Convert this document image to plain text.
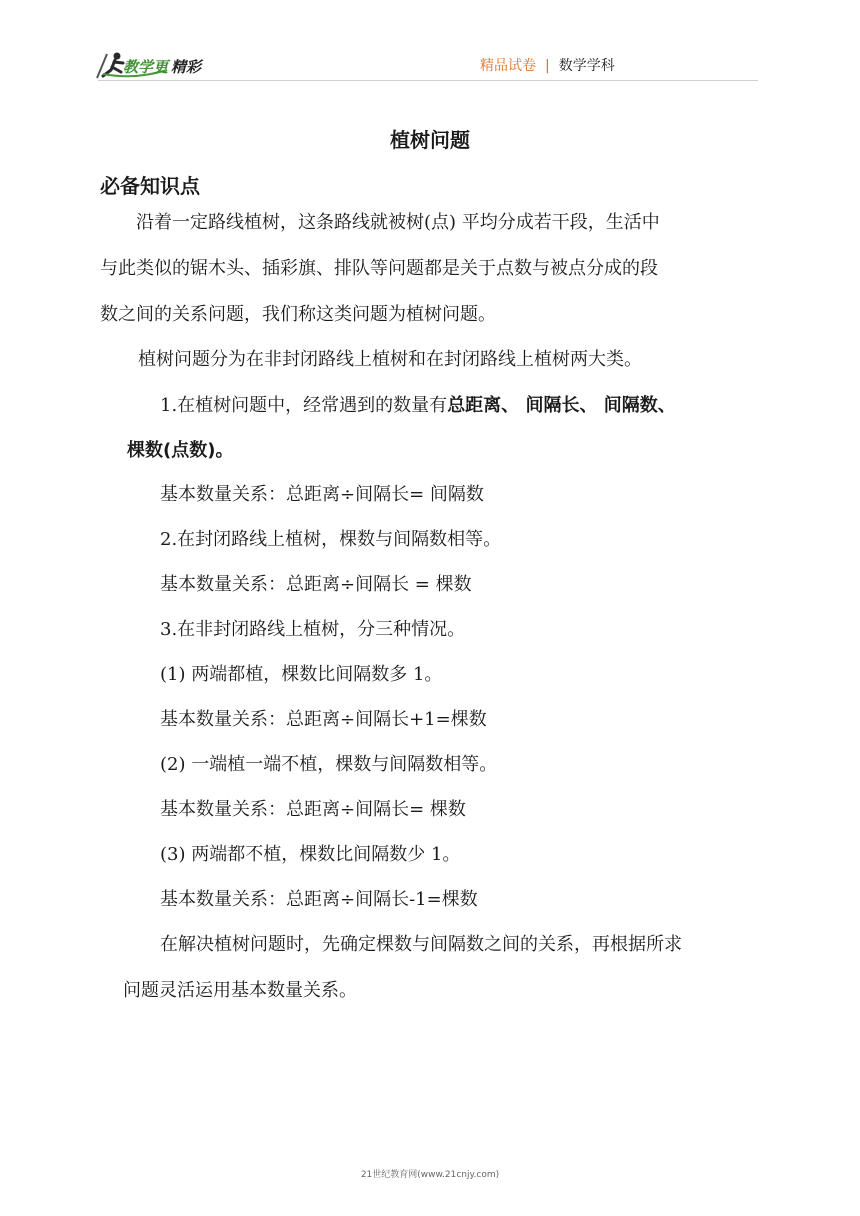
教学更 精彩	精品试卷 | 数学学科
植树问题
必备知识点
沿着一定路线植树，这条路线就被树(点) 平均分成若干段，生活中
与此类似的锯木头、插彩旗、排队等问题都是关于点数与被点分成的段
数之间的关系问题，我们称这类问题为植树问题。
植树问题分为在非封闭路线上植树和在封闭路线上植树两大类。
1.在植树问题中，经常遇到的数量有总距离、 间隔长、 间隔数、
棵数(点数)。
基本数量关系：总距离÷间隔长= 间隔数
2.在封闭路线上植树，棵数与间隔数相等。
基本数量关系：总距离÷间隔长 = 棵数
3.在非封闭路线上植树，分三种情况。
(1) 两端都植，棵数比间隔数多 1。
基本数量关系：总距离÷间隔长+1=棵数
(2) 一端植一端不植，棵数与间隔数相等。
基本数量关系：总距离÷间隔长= 棵数
(3) 两端都不植，棵数比间隔数少 1。
基本数量关系：总距离÷间隔长-1=棵数
在解决植树问题时，先确定棵数与间隔数之间的关系，再根据所求
问题灵活运用基本数量关系。
21世纪教育网(www.21cnjy.com)
